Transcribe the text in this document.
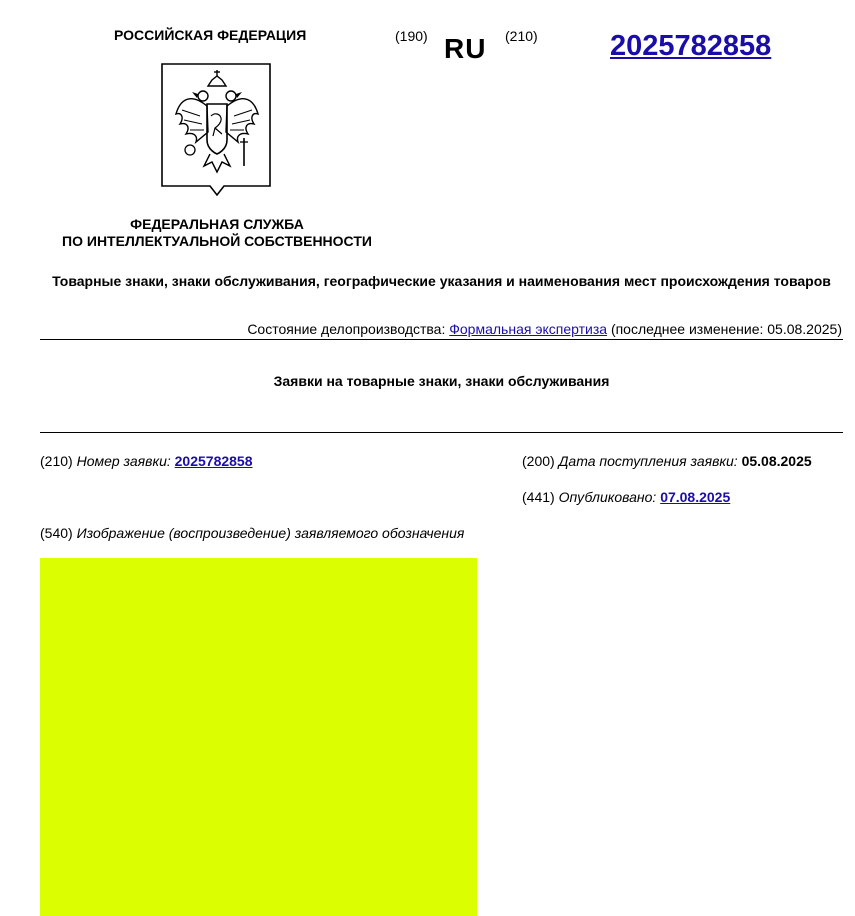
РОССИЙСКАЯ ФЕДЕРАЦИЯ	(190) RU (210) 2025782858
ФЕДЕРАЛЬНАЯ СЛУЖБА
ПО ИНТЕЛЛЕКТУАЛЬНОЙ СОБСТВЕННОСТИ
Товарные знаки, знаки обслуживания, географические указания и наименования мест происхождения товаров
Состояние делопроизводства: Формальная экспертиза (последнее изменение: 05.08.2025)
Заявки на товарные знаки, знаки обслуживания
(210) Номер заявки: 2025782858	(200) Дата поступления заявки: 05.08.2025
(441) Опубликовано: 07.08.2025
(540) Изображение (воспроизведение) заявляемого обозначения
